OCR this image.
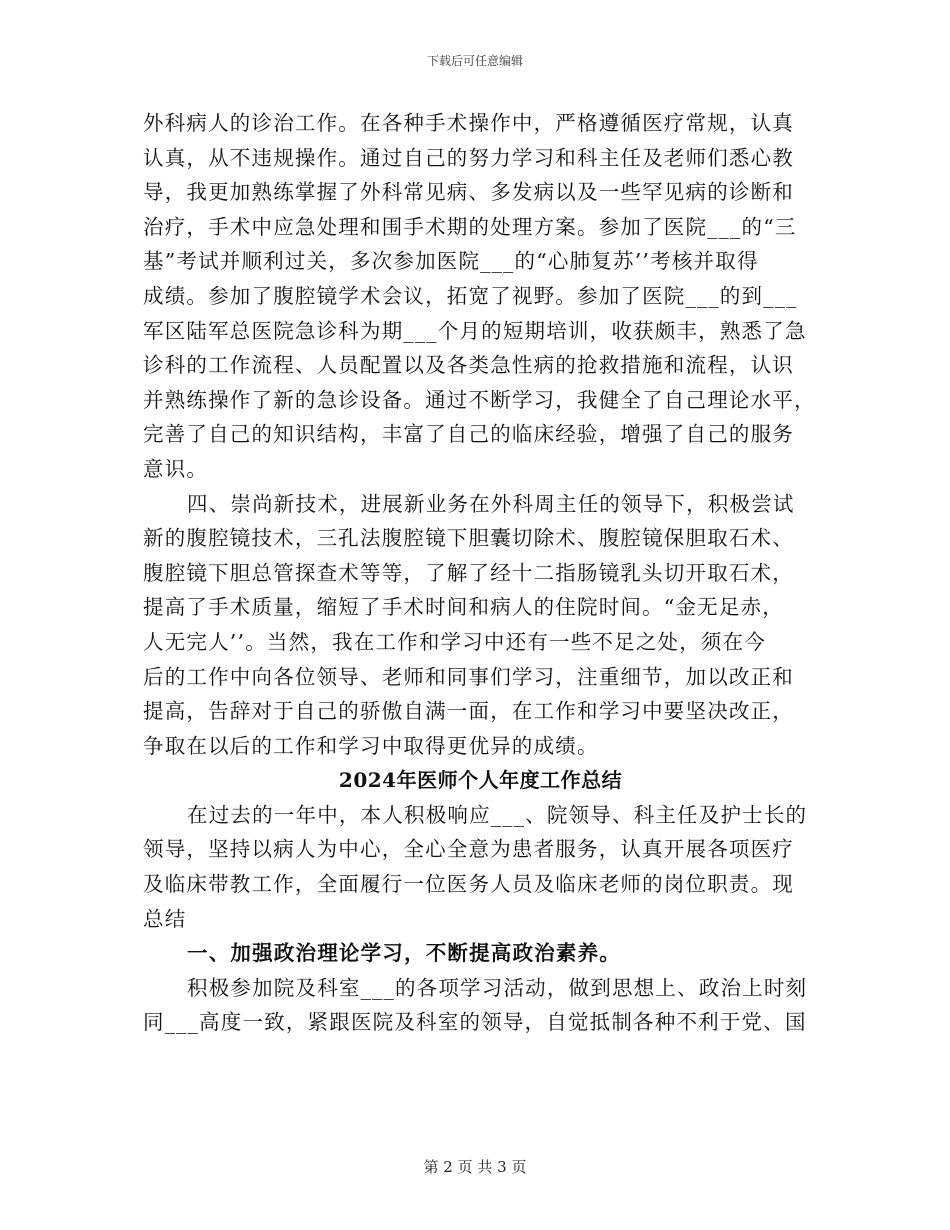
下载后可任意编辑
外科病人的诊治工作。在各种手术操作中，严格遵循医疗常规，认真
认真，从不违规操作。通过自己的努力学习和科主任及老师们悉心教
导，我更加熟练掌握了外科常见病、多发病以及一些罕见病的诊断和
治疗，手术中应急处理和围手术期的处理方案。参加了医院___的“三
基”考试并顺利过关，多次参加医院___的“心肺复苏’’考核并取得
成绩。参加了腹腔镜学术会议，拓宽了视野。参加了医院___的到___
军区陆军总医院急诊科为期___个月的短期培训，收获颇丰，熟悉了急
诊科的工作流程、人员配置以及各类急性病的抢救措施和流程，认识
并熟练操作了新的急诊设备。通过不断学习，我健全了自己理论水平，
完善了自己的知识结构，丰富了自己的临床经验，增强了自己的服务
意识。
四、崇尚新技术，进展新业务在外科周主任的领导下，积极尝试
新的腹腔镜技术，三孔法腹腔镜下胆囊切除术、腹腔镜保胆取石术、
腹腔镜下胆总管探查术等等，了解了经十二指肠镜乳头切开取石术，
提高了手术质量，缩短了手术时间和病人的住院时间。“金无足赤，
人无完人’’。当然，我在工作和学习中还有一些不足之处，须在今
后的工作中向各位领导、老师和同事们学习，注重细节，加以改正和
提高，告辞对于自己的骄傲自满一面，在工作和学习中要坚决改正，
争取在以后的工作和学习中取得更优异的成绩。
2024年医师个人年度工作总结
在过去的一年中，本人积极响应___、院领导、科主任及护士长的
领导，坚持以病人为中心，全心全意为患者服务，认真开展各项医疗
及临床带教工作，全面履行一位医务人员及临床老师的岗位职责。现
总结
一、加强政治理论学习，不断提高政治素养。
积极参加院及科室___的各项学习活动，做到思想上、政治上时刻
同___高度一致，紧跟医院及科室的领导，自觉抵制各种不利于党、国
第 2 页 共 3 页
